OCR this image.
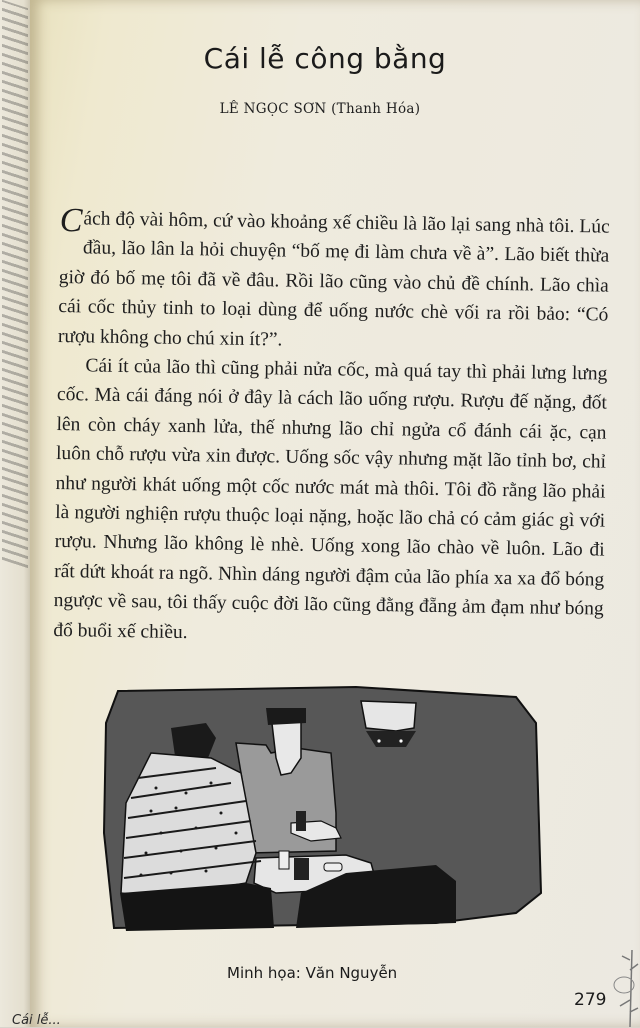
Cái lễ công bằng
LÊ NGỌC SƠN (Thanh Hóa)

Cách độ vài hôm, cứ vào khoảng xế chiều là lão lại sang nhà tôi. Lúc đầu, lão lân la hỏi chuyện “bố mẹ đi làm chưa về à”. Lão biết thừa giờ đó bố mẹ tôi đã về đâu. Rồi lão cũng vào chủ đề chính. Lão chìa cái cốc thủy tinh to loại dùng để uống nước chè vối ra rồi bảo: “Có rượu không cho chú xin ít?”.

Cái ít của lão thì cũng phải nửa cốc, mà quá tay thì phải lưng lưng cốc. Mà cái đáng nói ở đây là cách lão uống rượu. Rượu đế nặng, đốt lên còn cháy xanh lửa, thế nhưng lão chỉ ngửa cổ đánh cái ặc, cạn luôn chỗ rượu vừa xin được. Uống sốc vậy nhưng mặt lão tỉnh bơ, chỉ như người khát uống một cốc nước mát mà thôi. Tôi đồ rằng lão phải là người nghiện rượu thuộc loại nặng, hoặc lão chả có cảm giác gì với rượu. Nhưng lão không lè nhè. Uống xong lão chào về luôn. Lão đi rất dứt khoát ra ngõ. Nhìn dáng người đậm của lão phía xa xa đổ bóng ngược về sau, tôi thấy cuộc đời lão cũng đằng đẵng ảm đạm như bóng đổ buổi xế chiều.

Minh họa: Văn Nguyễn
279
Cái lễ...
